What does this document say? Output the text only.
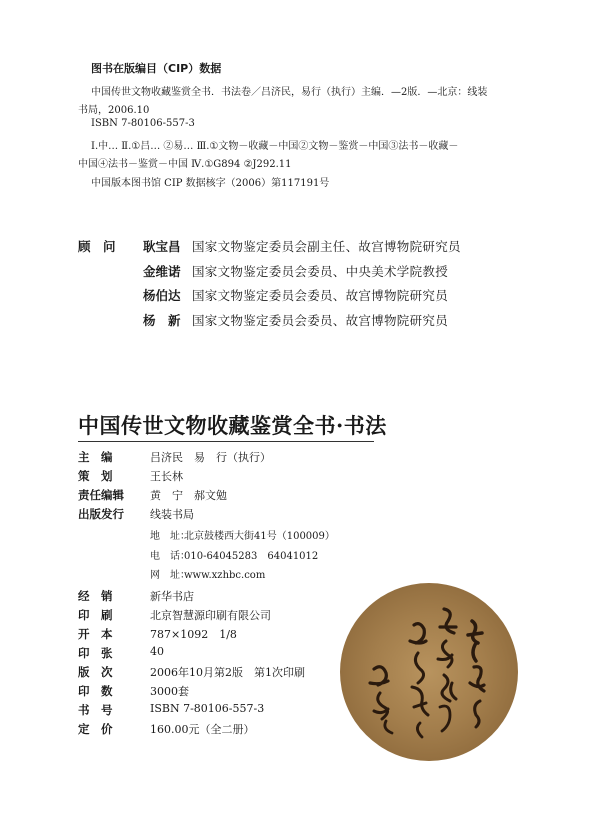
图书在版编目（CIP）数据
中国传世文物收藏鉴赏全书．书法卷／吕济民，易行（执行）主编．—2版．—北京：线装
书局，2006.10
ISBN 7-80106-557-3
Ⅰ.中… Ⅱ.①吕… ②易… Ⅲ.①文物－收藏－中国②文物－鉴赏－中国③法书－收藏－
中国④法书－鉴赏－中国 Ⅳ.①G894 ②J292.11
中国版本图书馆 CIP 数据核字（2006）第117191号
顾　问 耿宝昌 国家文物鉴定委员会副主任、故宫博物院研究员
金维诺 国家文物鉴定委员会委员、中央美术学院教授
杨伯达 国家文物鉴定委员会委员、故宫博物院研究员
杨　新 国家文物鉴定委员会委员、故宫博物院研究员
中国传世文物收藏鉴赏全书·书法
主　编	吕济民　易　行（执行）
策　划	王长林
责任编辑 黄　宁　郝文勉
出版发行 线装书局
地　址：北京鼓楼西大街41号（100009）
电　话：010-64045283　64041012
网　址：www.xzhbc.com
经　销	新华书店
印　刷	北京智慧源印刷有限公司
开　本	787×1092　1/8
印　张	40
版　次	2006年10月第2版　第1次印刷
印　数	3000套
书　号	ISBN 7-80106-557-3
定　价	160.00元（全二册）
